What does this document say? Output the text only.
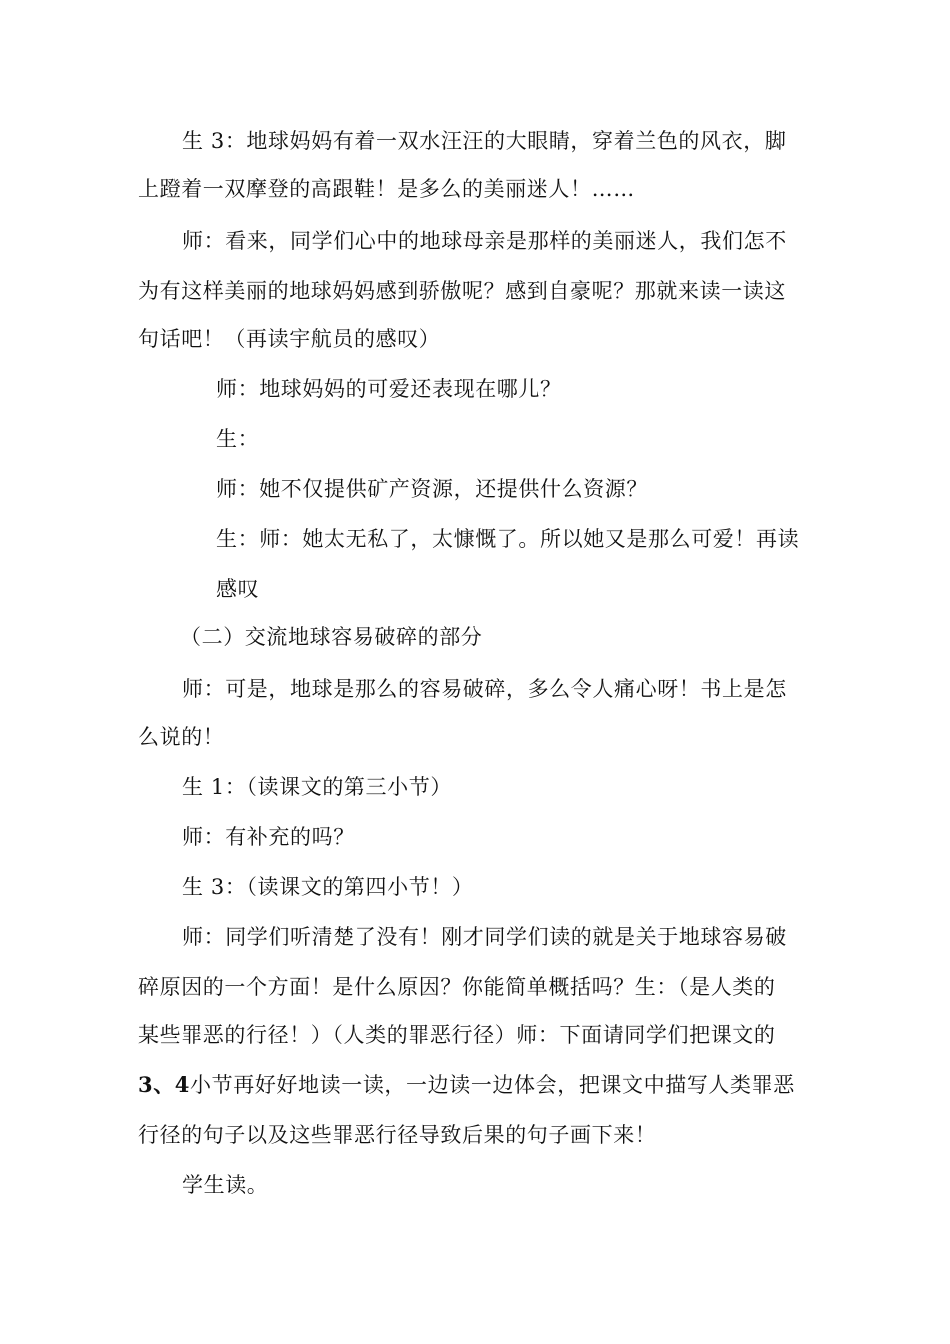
生 3：地球妈妈有着一双水汪汪的大眼睛，穿着兰色的风衣，脚
上蹬着一双摩登的高跟鞋！是多么的美丽迷人！……
师：看来，同学们心中的地球母亲是那样的美丽迷人，我们怎不
为有这样美丽的地球妈妈感到骄傲呢？感到自豪呢？那就来读一读这
句话吧！（再读宇航员的感叹）
师：地球妈妈的可爱还表现在哪儿？
生：
师：她不仅提供矿产资源，还提供什么资源？
生：师：她太无私了，太慷慨了。所以她又是那么可爱！再读
感叹
（二）交流地球容易破碎的部分
师：可是，地球是那么的容易破碎，多么令人痛心呀！书上是怎
么说的！
生 1：（读课文的第三小节）
师：有补充的吗？
生 3：（读课文的第四小节！）
师：同学们听清楚了没有！刚才同学们读的就是关于地球容易破
碎原因的一个方面！是什么原因？你能简单概括吗？生：（是人类的
某些罪恶的行径！）（人类的罪恶行径）师：下面请同学们把课文的
3、4小节再好好地读一读，一边读一边体会，把课文中描写人类罪恶
行径的句子以及这些罪恶行径导致后果的句子画下来！
学生读。
